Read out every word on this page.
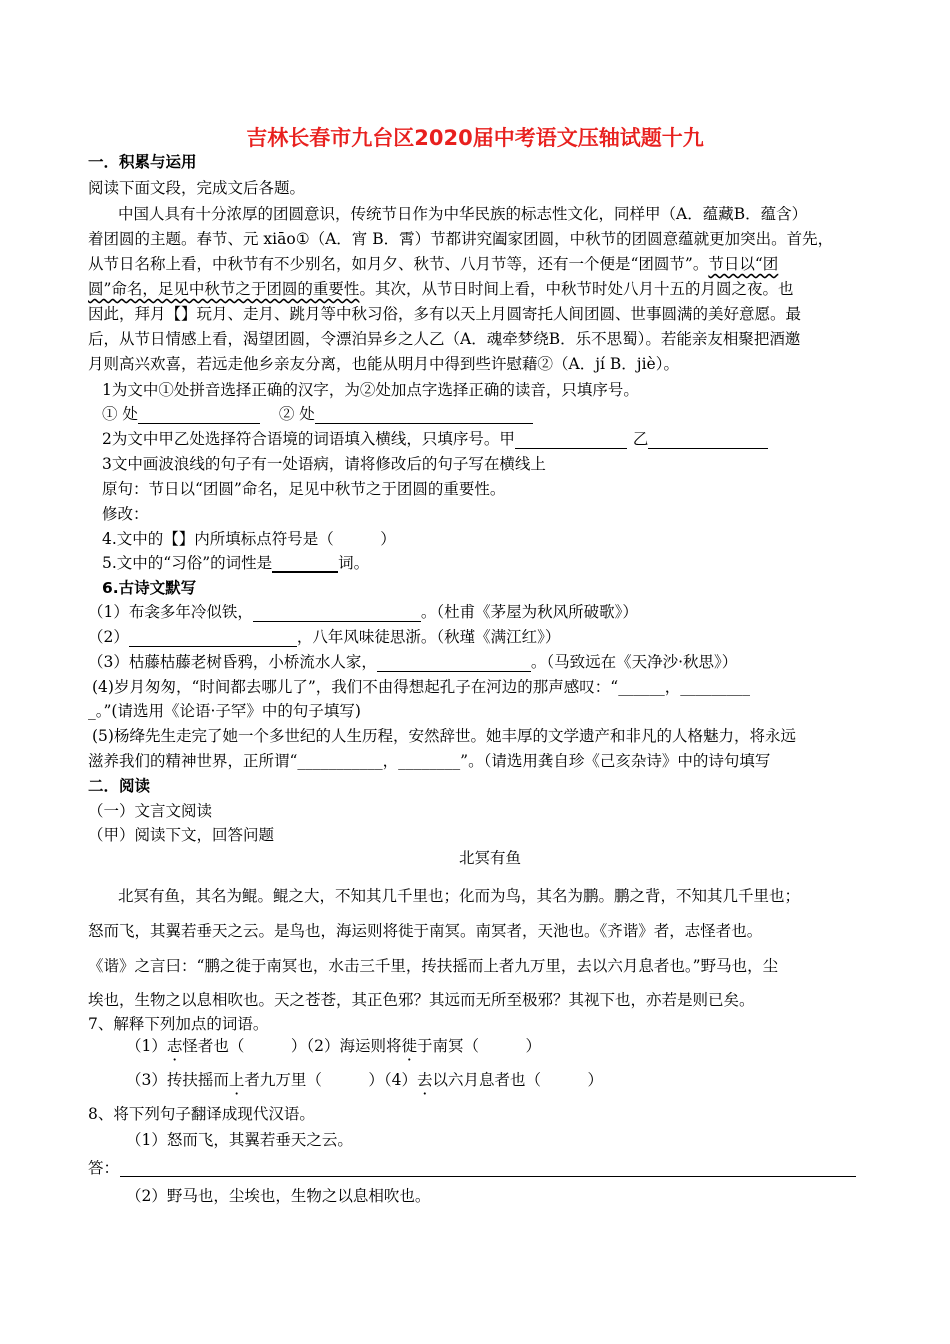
吉林长春市九台区2020届中考语文压轴试题十九
一．积累与运用
阅读下面文段，完成文后各题。
中国人具有十分浓厚的团圆意识，传统节日作为中华民族的标志性文化，同样甲（A．蕴藏B．蕴含）
着团圆的主题。春节、元 xiāo①（A．宵 B．霄）节都讲究阖家团圆，中秋节的团圆意蕴就更加突出。首先，
从节日名称上看，中秋节有不少别名，如月夕、秋节、八月节等，还有一个便是“团圆节”。节日以“团
圆”命名，足见中秋节之于团圆的重要性。其次，从节日时间上看，中秋节时处八月十五的月圆之夜。也
因此，拜月【】玩月、走月、跳月等中秋习俗，多有以天上月圆寄托人间团圆、世事圆满的美好意愿。最
后，从节日情感上看，渴望团圆，令漂泊异乡之人乙（A．魂牵梦绕B．乐不思蜀）。若能亲友相聚把酒邀
月则高兴欢喜，若远走他乡亲友分离，也能从明月中得到些许慰藉②（A．jí B．jiè）。
1为文中①处拼音选择正确的汉字，为②处加点字选择正确的读音，只填序号。
① 处	② 处
2为文中甲乙处选择符合语境的词语填入横线，只填序号。甲	乙
3文中画波浪线的句子有一处语病，请将修改后的句子写在横线上
原句：节日以“团圆”命名，足见中秋节之于团圆的重要性。
修改：
4.文中的【】内所填标点符号是（　　　）
5.文中的“习俗”的词性是	词。
6.古诗文默写
（1）布衾多年冷似铁，	。（杜甫《茅屋为秋风所破歌》）
（2）	，八年风味徒思浙。（秋瑾《满江红》）
（3）枯藤枯藤老树昏鸦，小桥流水人家，	。（马致远在《天净沙·秋思》）
(4)岁月匆匆，“时间都去哪儿了”，我们不由得想起孔子在河边的那声感叹：“______，_________
_。”(请选用《论语·子罕》中的句子填写)
(5)杨绛先生走完了她一个多世纪的人生历程，安然辞世。她丰厚的文学遗产和非凡的人格魅力，将永远
滋养我们的精神世界，正所谓“___________，________”。（请选用龚自珍《己亥杂诗》中的诗句填写
二．阅读
（一）文言文阅读
（甲）阅读下文，回答问题
北冥有鱼
北冥有鱼，其名为鲲。鲲之大，不知其几千里也；化而为鸟，其名为鹏。鹏之背，不知其几千里也；
怒而飞，其翼若垂天之云。是鸟也，海运则将徙于南冥。南冥者，天池也。《齐谐》者，志怪者也。
《谐》之言曰：“鹏之徙于南冥也，水击三千里，抟扶摇而上者九万里，去以六月息者也。”野马也，尘
埃也，生物之以息相吹也。天之苍苍，其正色邪？其远而无所至极邪？其视下也，亦若是则已矣。
7、解释下列加点的词语。
（1）志怪者也（　　　）（2）海运则将徙于南冥（　　　）
（3）抟扶摇而上者九万里（　　　）（4）去以六月息者也（　　　）
8、将下列句子翻译成现代汉语。
（1）怒而飞，其翼若垂天之云。
答：
（2）野马也，尘埃也，生物之以息相吹也。
